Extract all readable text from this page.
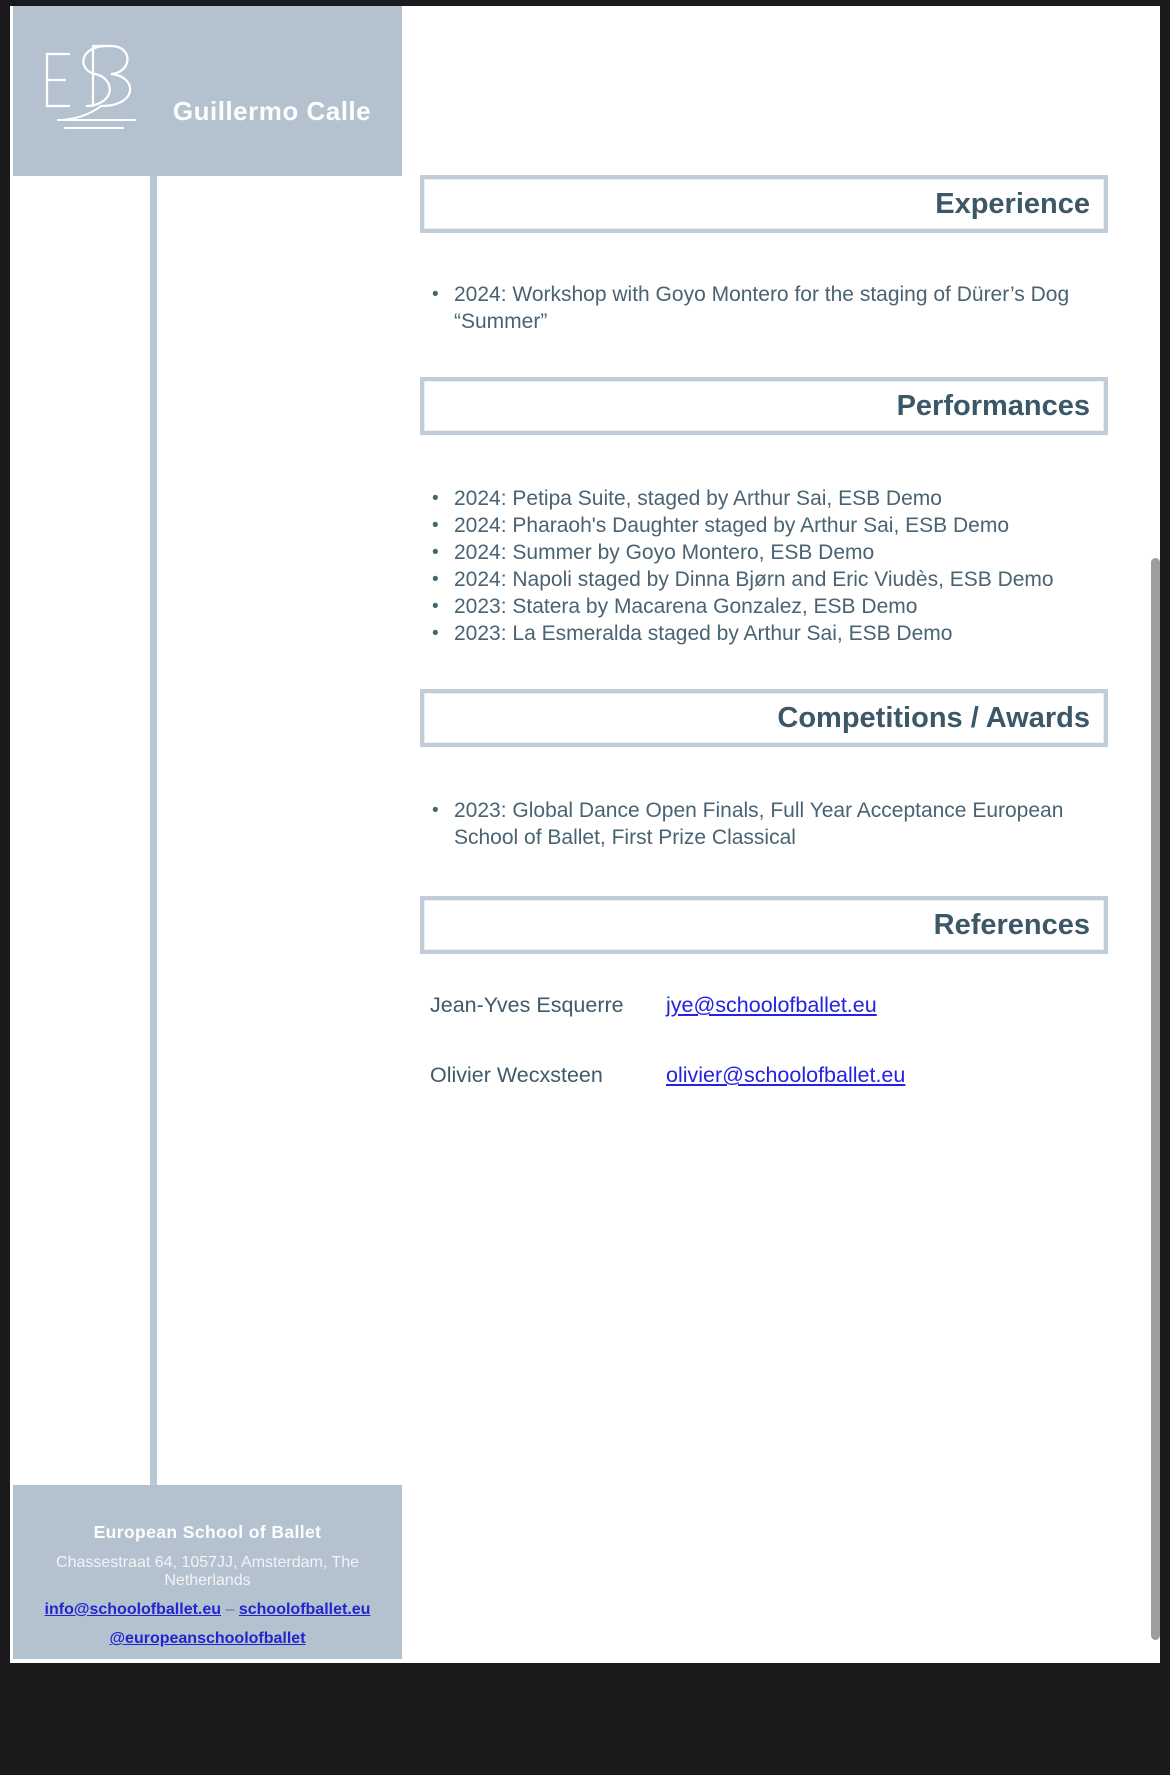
Guillermo Calle
Experience
• 2024: Workshop with Goyo Montero for the staging of Dürer’s Dog “Summer”
Performances
• 2024: Petipa Suite, staged by Arthur Sai, ESB Demo
• 2024: Pharaoh's Daughter staged by Arthur Sai, ESB Demo
• 2024: Summer by Goyo Montero, ESB Demo
• 2024: Napoli staged by Dinna Bjørn and Eric Viudès, ESB Demo
• 2023: Statera by Macarena Gonzalez, ESB Demo
• 2023: La Esmeralda staged by Arthur Sai, ESB Demo
Competitions / Awards
• 2023: Global Dance Open Finals, Full Year Acceptance European School of Ballet, First Prize Classical
References
Jean-Yves Esquerre jye@schoolofballet.eu
Olivier Wecxsteen	olivier@schoolofballet.eu
European School of Ballet
Chassestraat 64, 1057JJ, Amsterdam, The Netherlands
info@schoolofballet.eu – schoolofballet.eu
@europeanschoolofballet
